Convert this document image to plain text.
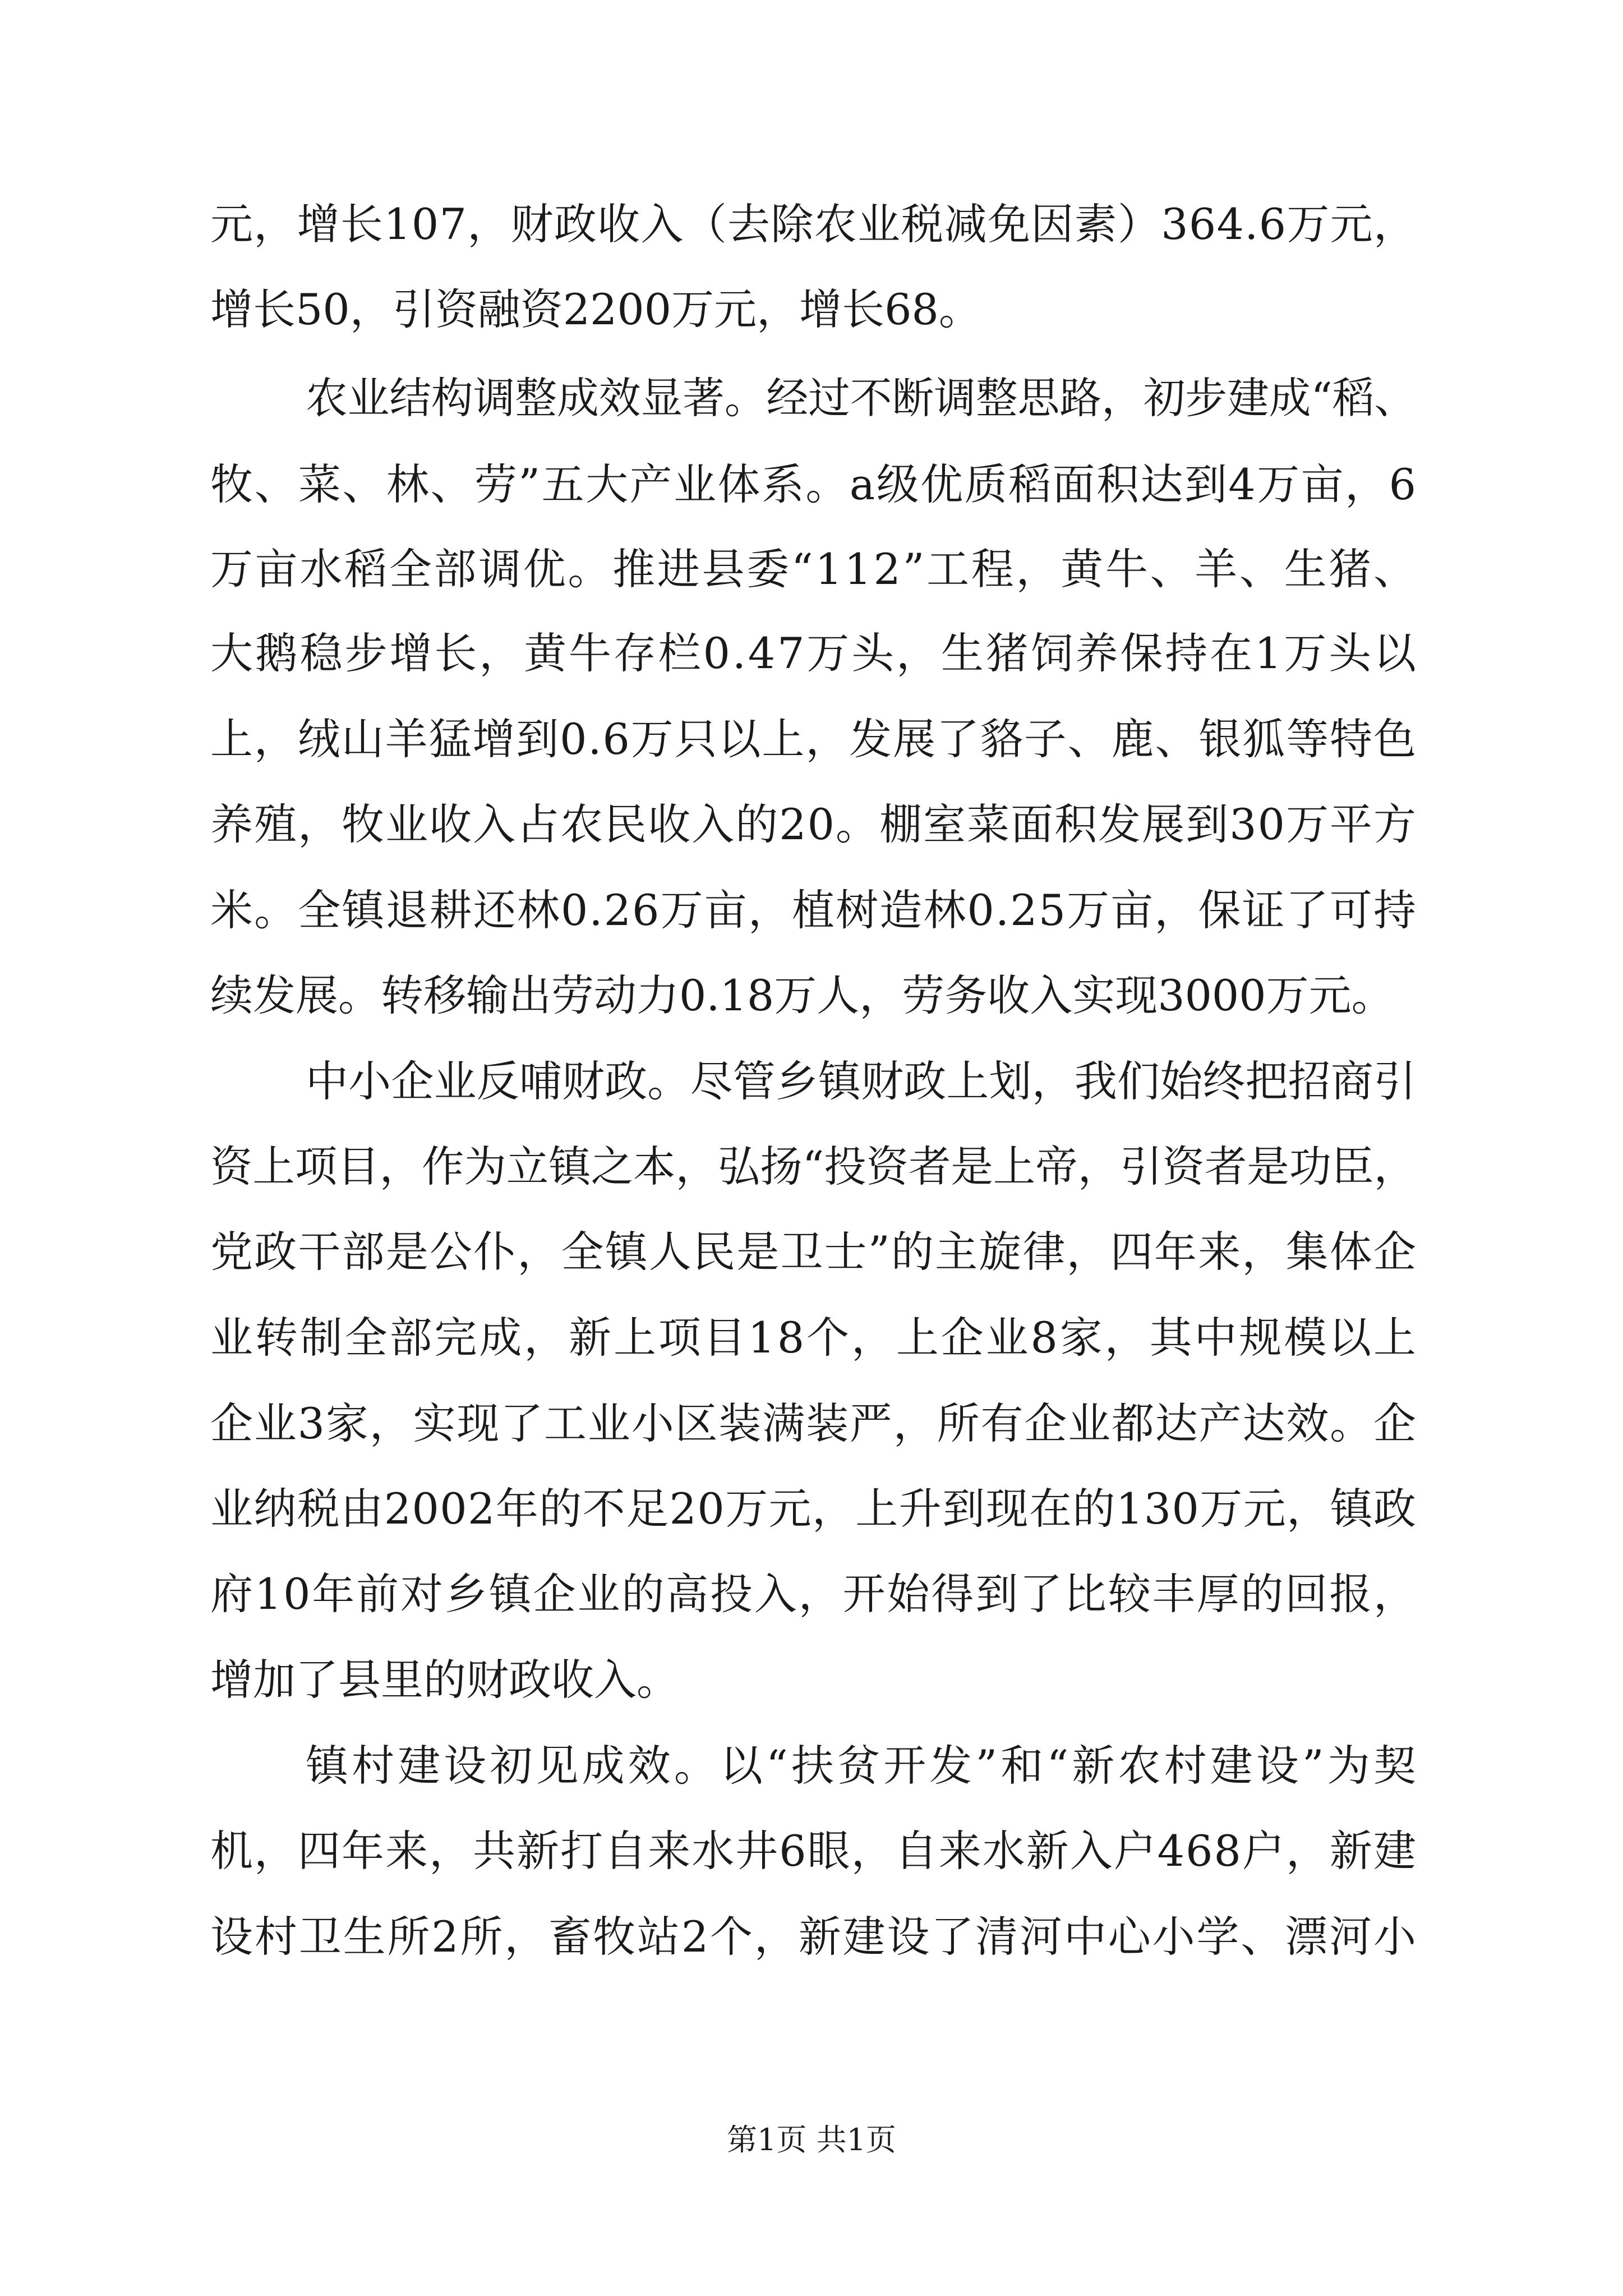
元，增长107，财政收入（去除农业税减免因素）364.6万元，
增长50，引资融资2200万元，增长68。
农业结构调整成效显著。经过不断调整思路，初步建成“稻、
牧、菜、林、劳”五大产业体系。a级优质稻面积达到4万亩，6
万亩水稻全部调优。推进县委“112”工程，黄牛、羊、生猪、
大鹅稳步增长，黄牛存栏0.47万头，生猪饲养保持在1万头以
上，绒山羊猛增到0.6万只以上，发展了貉子、鹿、银狐等特色
养殖，牧业收入占农民收入的20。棚室菜面积发展到30万平方
米。全镇退耕还林0.26万亩，植树造林0.25万亩，保证了可持
续发展。转移输出劳动力0.18万人，劳务收入实现3000万元。
中小企业反哺财政。尽管乡镇财政上划，我们始终把招商引
资上项目，作为立镇之本，弘扬“投资者是上帝，引资者是功臣，
党政干部是公仆，全镇人民是卫士”的主旋律，四年来，集体企
业转制全部完成，新上项目18个，上企业8家，其中规模以上
企业3家，实现了工业小区装满装严，所有企业都达产达效。企
业纳税由2002年的不足20万元，上升到现在的130万元，镇政
府10年前对乡镇企业的高投入，开始得到了比较丰厚的回报，
增加了县里的财政收入。
镇村建设初见成效。以“扶贫开发”和“新农村建设”为契
机，四年来，共新打自来水井6眼，自来水新入户468户，新建
设村卫生所2所，畜牧站2个，新建设了清河中心小学、漂河小
第1页 共1页
